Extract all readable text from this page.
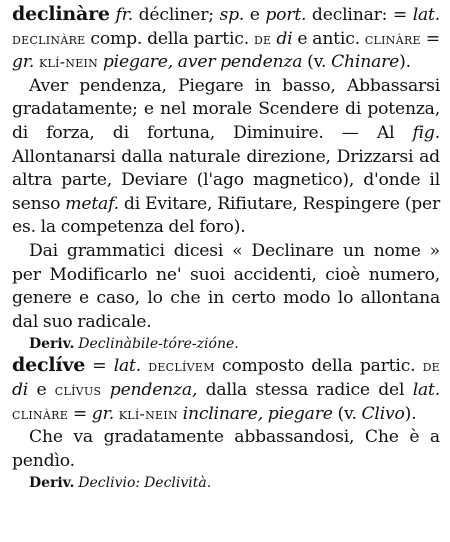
declinàre fr. décliner; sp. e port. declinar: = lat. declinàre comp. della partic. de di e antic. clinàre = gr. klí-nein piegare, aver pendenza (v. Chinare).

Aver pendenza, Piegare in basso, Abbassarsi gradatamente; e nel morale Scendere di potenza, di forza, di fortuna, Diminuire. — Al fig. Allontanarsi dalla naturale direzione, Drizzarsi ad altra parte, Deviare (l'ago magnetico), d'onde il senso metaf. di Evitare, Rifiutare, Respingere (per es. la competenza del foro).

Dai grammatici dicesi « Declinare un nome » per Modificarlo ne' suoi accidenti, cioè numero, genere e caso, lo che in certo modo lo allontana dal suo radicale.

Deriv. Declinàbile-tóre-zióne.

declíve = lat. declívem composto della partic. de di e clívus pendenza, dalla stessa radice del lat. clinàre = gr. klí-nein inclinare, piegare (v. Clivo).

Che va gradatamente abbassandosi, Che è a pendìo.

Deriv. Declivio: Declività.
